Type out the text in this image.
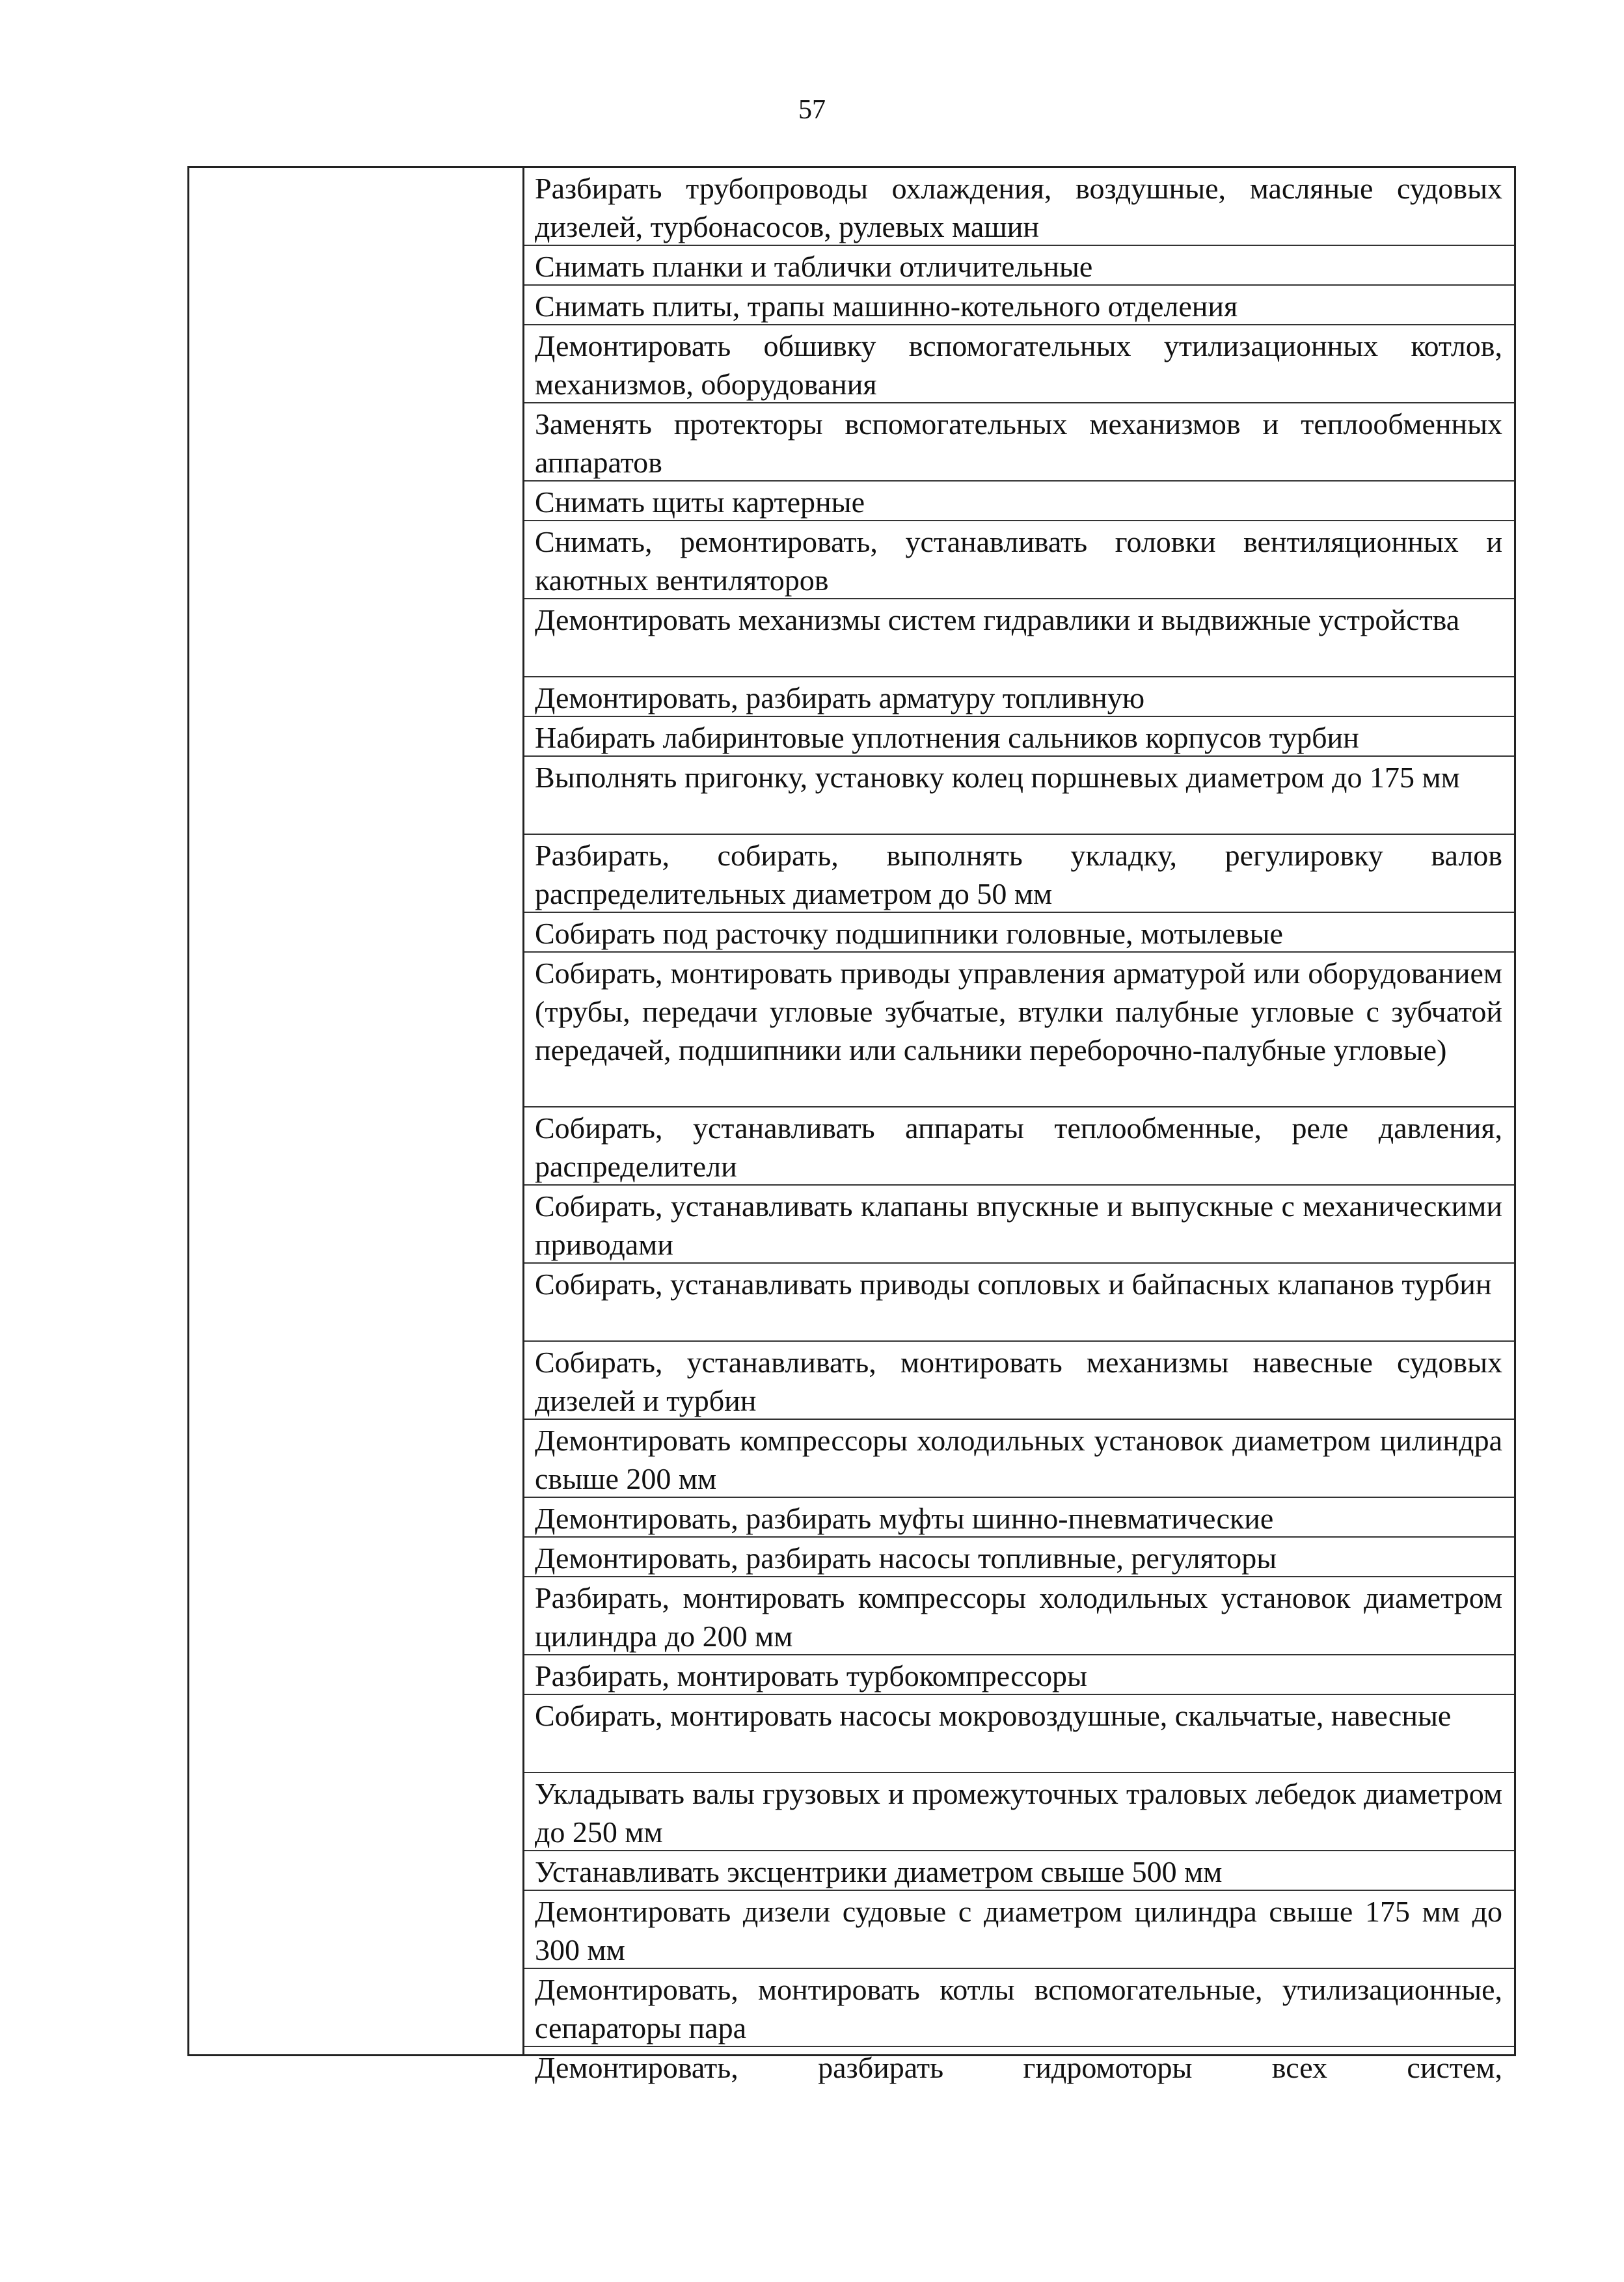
57
Разбирать трубопроводы охлаждения, воздушные, масляные судовых дизелей, турбонасосов, рулевых машин
Снимать планки и таблички отличительные
Снимать плиты, трапы машинно-котельного отделения
Демонтировать обшивку вспомогательных утилизационных котлов, механизмов, оборудования
Заменять протекторы вспомогательных механизмов и теплообменных аппаратов
Снимать щиты картерные
Снимать, ремонтировать, устанавливать головки вентиляционных и каютных вентиляторов
Демонтировать механизмы систем гидравлики и выдвижные устройства
Демонтировать, разбирать арматуру топливную
Набирать лабиринтовые уплотнения сальников корпусов турбин
Выполнять пригонку, установку колец поршневых диаметром до 175 мм
Разбирать, собирать, выполнять укладку, регулировку валов распределительных диаметром до 50 мм
Собирать под расточку подшипники головные, мотылевые
Собирать, монтировать приводы управления арматурой или оборудованием (трубы, передачи угловые зубчатые, втулки палубные угловые с зубчатой передачей, подшипники или сальники переборочно-палубные угловые)
Собирать, устанавливать аппараты теплообменные, реле давления, распределители
Собирать, устанавливать клапаны впускные и выпускные с механическими приводами
Собирать, устанавливать приводы сопловых и байпасных клапанов турбин
Собирать, устанавливать, монтировать механизмы навесные судовых дизелей и турбин
Демонтировать компрессоры холодильных установок диаметром цилиндра свыше 200 мм
Демонтировать, разбирать муфты шинно-пневматические
Демонтировать, разбирать насосы топливные, регуляторы
Разбирать, монтировать компрессоры холодильных установок диаметром цилиндра до 200 мм
Разбирать, монтировать турбокомпрессоры
Собирать, монтировать насосы мокровоздушные, скальчатые, навесные
Укладывать валы грузовых и промежуточных траловых лебедок диаметром до 250 мм
Устанавливать эксцентрики диаметром свыше 500 мм
Демонтировать дизели судовые с диаметром цилиндра свыше 175 мм до 300 мм
Демонтировать, монтировать котлы вспомогательные, утилизационные, сепараторы пара
Демонтировать, разбирать гидромоторы всех систем,
